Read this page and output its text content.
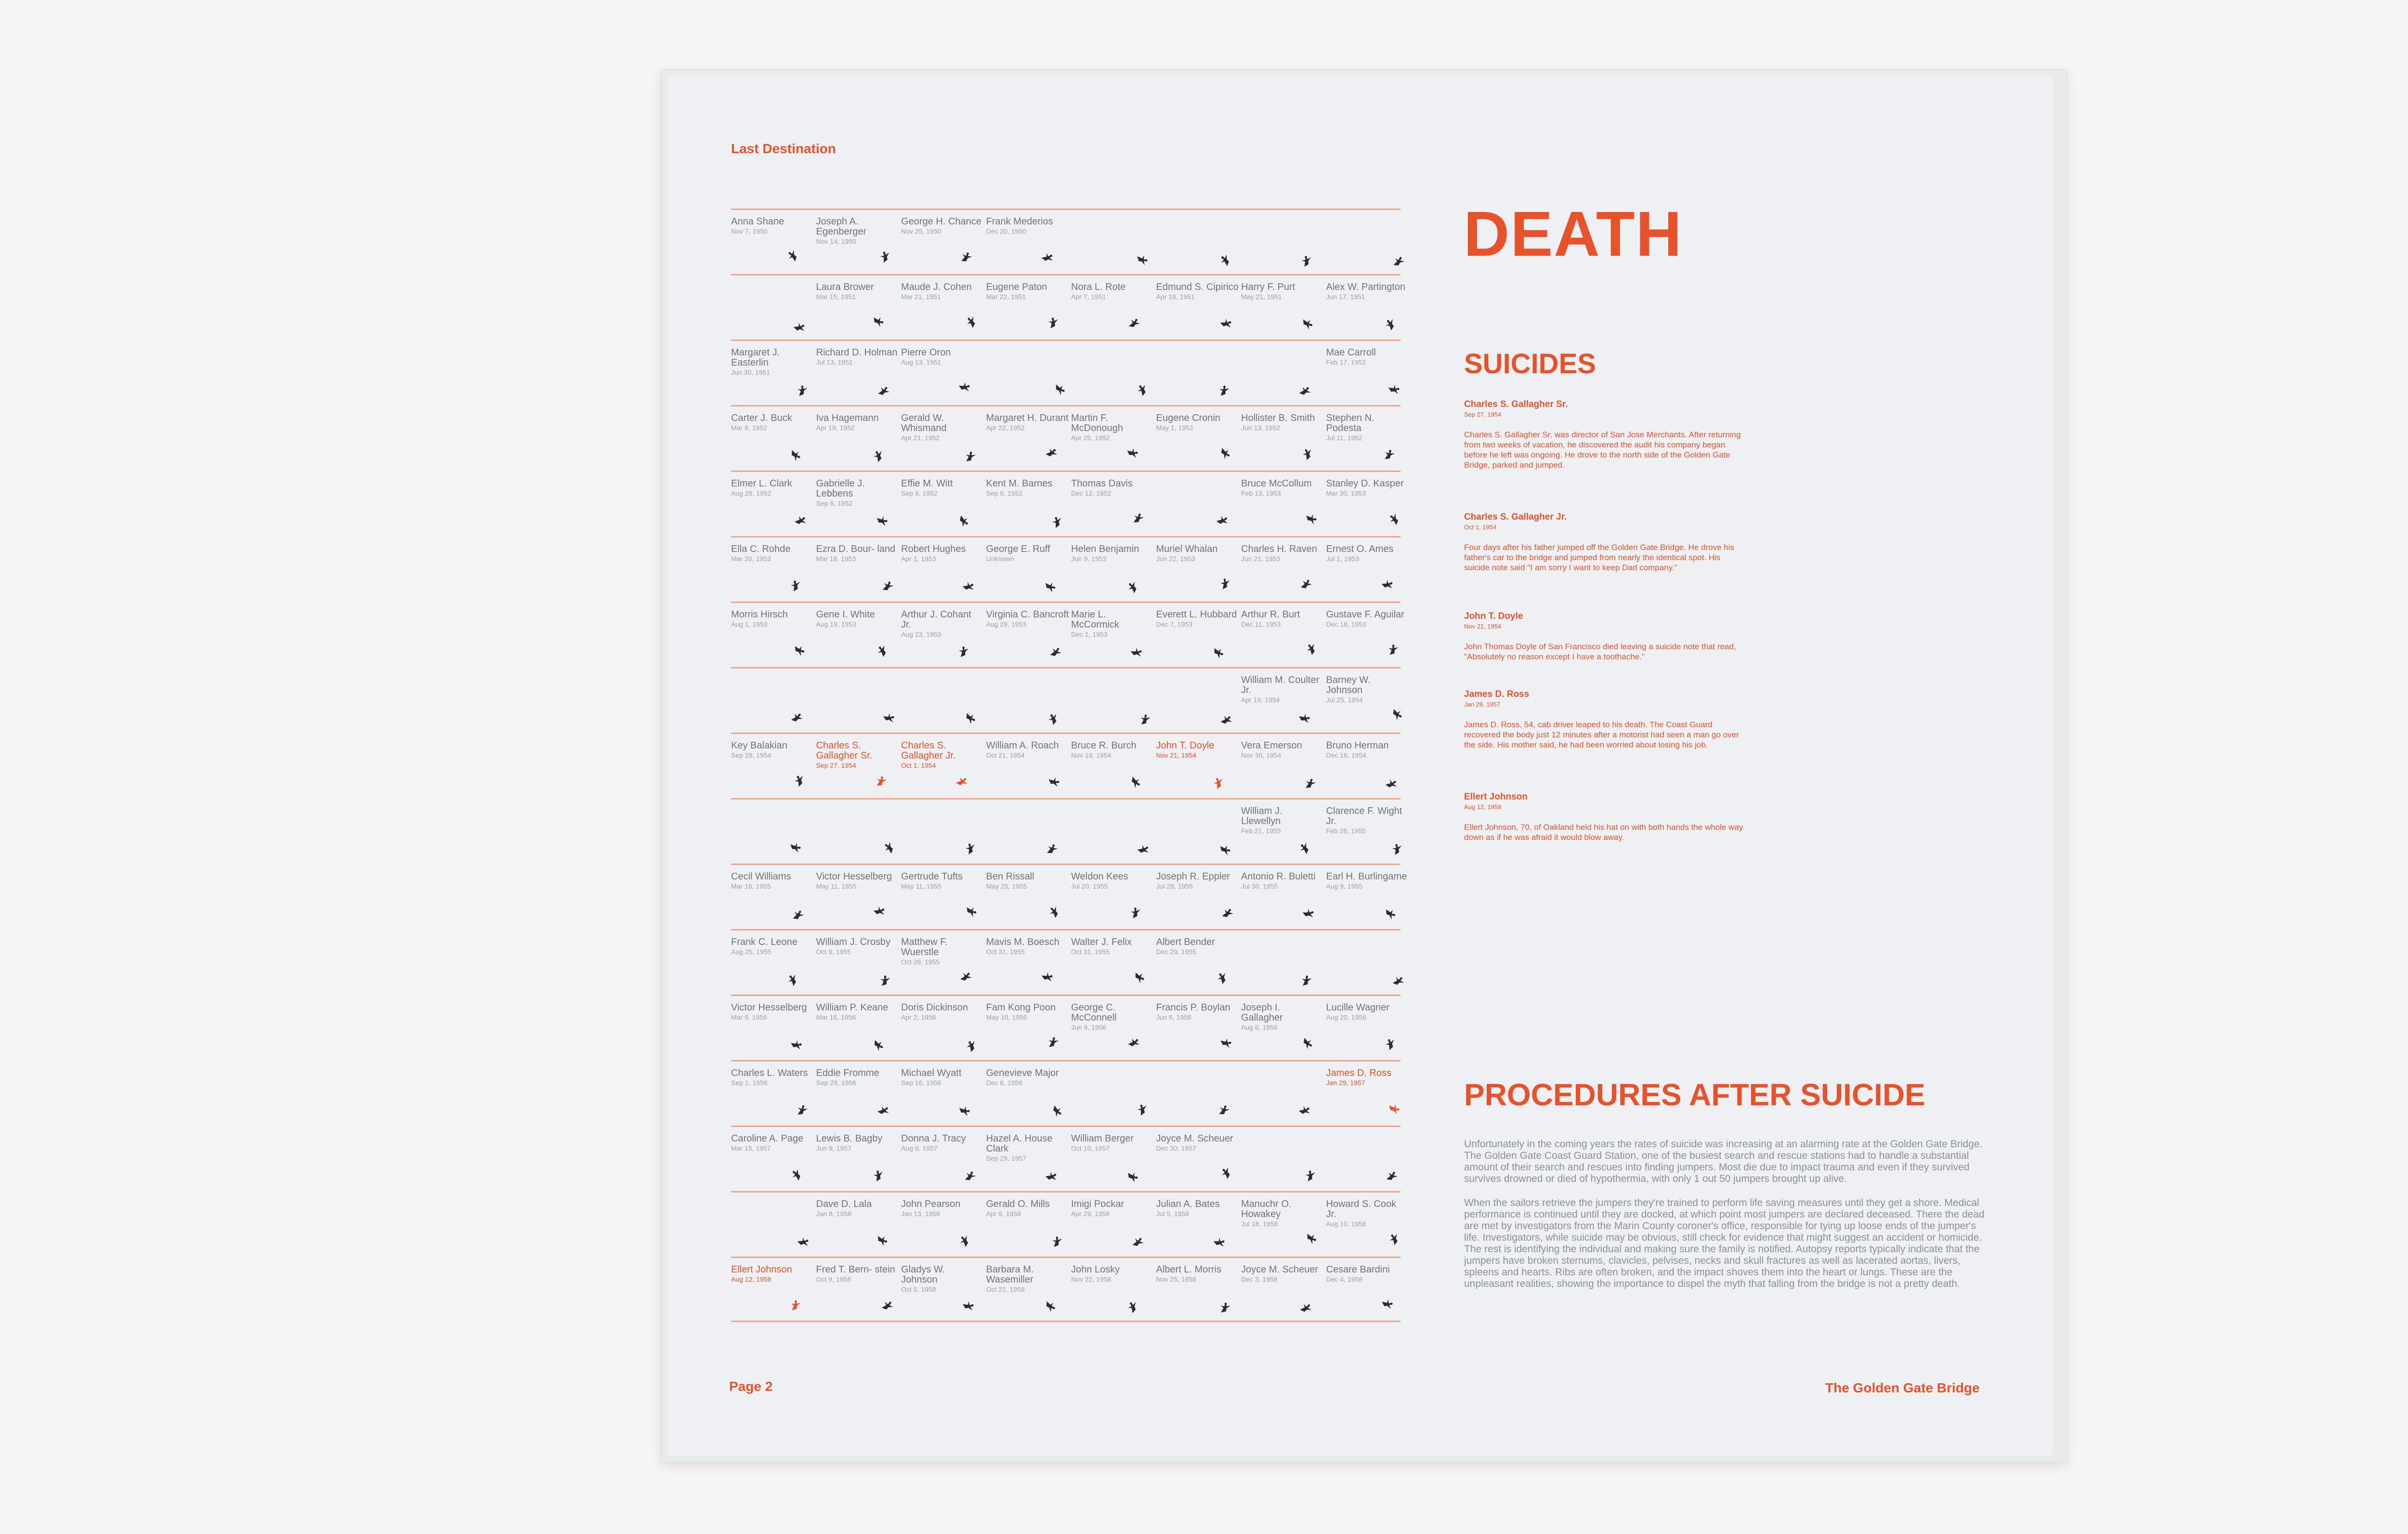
Last Destination
Anna Shane
Nov 7, 1950
Joseph A. Egenberger
Nov 14, 1950
George H. Chance
Nov 25, 1950
Frank Mederios
Dec 20, 1950
Laura Brower
Mar 15, 1951
Maude J. Cohen
Mar 21, 1951
Eugene Paton
Mar 22, 1951
Nora L. Rote
Apr 7, 1951
Edmund S. Cipirico
Apr 18, 1951
Harry F. Purt
May 21, 1951
Alex W. Partington
Jun 17, 1951
Margaret J. Easterlin
Jun 30, 1951
Richard D. Holman
Jul 13, 1951
Pierre Oron
Aug 13, 1951
Mae Carroll
Feb 17, 1952
Carter J. Buck
Mar 6, 1952
Iva Hagemann
Apr 19, 1952
Gerald W. Whismand
Apr 21, 1952
Margaret H. Durant
Apr 22, 1952
Martin F. McDonough
Apr 25, 1952
Eugene Cronin
May 1, 1952
Hollister B. Smith
Jun 13, 1952
Stephen N. Podesta
Jul 11, 1952
Elmer L. Clark
Aug 29, 1952
Gabrielle J. Lebbens
Sep 8, 1952
Effie M. Witt
Sep 9, 1952
Kent M. Barnes
Sep 9, 1952
Thomas Davis
Dec 12, 1952
Bruce McCollum
Feb 13, 1953
Stanley D. Kasper
Mar 30, 1953
Ella C. Rohde
Mar 20, 1953
Ezra D. Bour- land
Mar 18, 1953
Robert Hughes
Apr 1, 1953
George E. Ruff
Unknown
Helen Benjamin
Jun 9, 1953
Muriel Whalan
Jun 22, 1953
Charles H. Raven
Jun 21, 1953
Ernest O. Ames
Jul 1, 1953
Morris Hirsch
Aug 1, 1953
Gene I. White
Aug 19, 1953
Arthur J. Cohant Jr.
Aug 23, 1953
Virginia C. Bancroft
Aug 29, 1953
Marie L. McCormick
Dec 1, 1953
Everett L. Hubbard
Dec 7, 1953
Arthur R. Burt
Dec 11, 1953
Gustave F. Aguilar
Dec 18, 1953
William M. Coulter Jr.
Apr 19, 1954
Barney W. Johnson
Jul 25, 1954
Key Balakian
Sep 29, 1954
Charles S. Gallagher Sr.
Sep 27, 1954
Charles S. Gallagher Jr.
Oct 1, 1954
William A. Roach
Oct 21, 1954
Bruce R. Burch
Nov 19, 1954
John T. Doyle
Nov 21, 1954
Vera Emerson
Nov 30, 1954
Bruno Herman
Dec 16, 1954
William J. Llewellyn
Feb 21, 1955
Clarence F. Wight Jr.
Feb 28, 1955
Cecil Williams
Mar 16, 1955
Victor Hesselberg
May 11, 1955
Gertrude Tufts
May 11, 1955
Ben Rissall
May 25, 1955
Weldon Kees
Jul 20, 1955
Joseph R. Eppler
Jul 29, 1955
Antonio R. Buletti
Jul 30, 1955
Earl H. Burlingame
Aug 9, 1955
Frank C. Leone
Aug 25, 1955
William J. Crosby
Oct 9, 1955
Matthew F. Wuerstle
Oct 26, 1955
Mavis M. Boesch
Oct 31, 1955
Walter J. Felix
Oct 31, 1955
Albert Bender
Dec 29, 1955
Victor Hesselberg
Mar 9, 1956
William P. Keane
Mar 16, 1956
Doris Dickinson
Apr 2, 1956
Fam Kong Poon
May 10, 1956
George C. McConnell
Jun 9, 1956
Francis P. Boylan
Jun 6, 1956
Joseph I. Gallagher
Aug 6, 1956
Lucille Wagner
Aug 20, 1956
Charles L. Waters
Sep 1, 1956
Eddie Fromme
Sep 29, 1956
Michael Wyatt
Sep 16, 1956
Genevieve Major
Dec 6, 1956
James D. Ross
Jan 29, 1957
Caroline A. Page
Mar 15, 1957
Lewis B. Bagby
Jun 9, 1957
Donna J. Tracy
Aug 9, 1957
Hazel A. House Clark
Sep 29, 1957
William Berger
Oct 10, 1957
Joyce M. Scheuer
Dec 30, 1957
Dave D. Lala
Jan 8, 1958
John Pearson
Jan 13, 1958
Gerald O. Mills
Apr 9, 1958
Imigi Pockar
Apr 29, 1958
Julian A. Bates
Jul 5, 1958
Manuchr O. Howakey
Jul 18, 1958
Howard S. Cook Jr.
Aug 10, 1958
Ellert Johnson
Aug 12, 1958
Fred T. Bern- stein
Oct 9, 1958
Gladys W. Johnson
Oct 5, 1958
Barbara M. Wasemiller
Oct 22, 1958
John Losky
Nov 22, 1958
Albert L. Morris
Nov 25, 1958
Joyce M. Scheuer
Dec 3, 1958
Cesare Bardini
Dec 4, 1958
DEATH
SUICIDES
Charles S. Gallagher Sr.
Sep 27, 1954
Charles S. Gallagher Sr. was director of San Jose Merchants. After returning from two weeks of vacation, he discovered the audit his company began before he left was ongoing. He drove to the north side of the Golden Gate Bridge, parked and jumped.
Charles S. Gallagher Jr.
Oct 1, 1954
Four days after his father jumped off the Golden Gate Bridge. He drove his father's car to the bridge and jumped from nearly the identical spot. His suicide note said "I am sorry I want to keep Dad company."
John T. Doyle
Nov 21, 1954
John Thomas Doyle of San Francisco died leaving a suicide note that read, "Absolutely no reason except I have a toothache."
James D. Ross
Jan 29, 1957
James D. Ross, 54, cab driver leaped to his death. The Coast Guard recovered the body just 12 minutes after a motorist had seen a man go over the side. His mother said, he had been worried about losing his job.
Ellert Johnson
Aug 12, 1958
Ellert Johnson, 70, of Oakland held his hat on with both hands the whole way down as if he was afraid it would blow away.
PROCEDURES AFTER SUICIDE

Unfortunately in the coming years the rates of suicide was increasing at an alarming rate at the Golden Gate Bridge. The Golden Gate Coast Guard Station, one of the busiest search and rescue stations had to handle a substantial amount of their search and rescues into finding jumpers. Most die due to impact trauma and even if they survived survives drowned or died of hypothermia, with only 1 out 50 jumpers brought up alive.

When the sailors retrieve the jumpers they're trained to perform life saving measures until they get a shore. Medical performance is continued until they are docked, at which point most jumpers are declared deceased. There the dead are met by investigators from the Marin County coroner's office, responsible for tying up loose ends of the jumper's life. Investigators, while suicide may be obvious, still check for evidence that might suggest an accident or homicide. The rest is identifying the individual and making sure the family is notified. Autopsy reports typically indicate that the jumpers have broken sternums, clavicles, pelvises, necks and skull fractures as well as lacerated aortas, livers, spleens and hearts. Ribs are often broken, and the impact shoves them into the heart or lungs. These are the unpleasant realities, showing the importance to dispel the myth that falling from the bridge is not a pretty death.

Page 2	The Golden Gate Bridge
